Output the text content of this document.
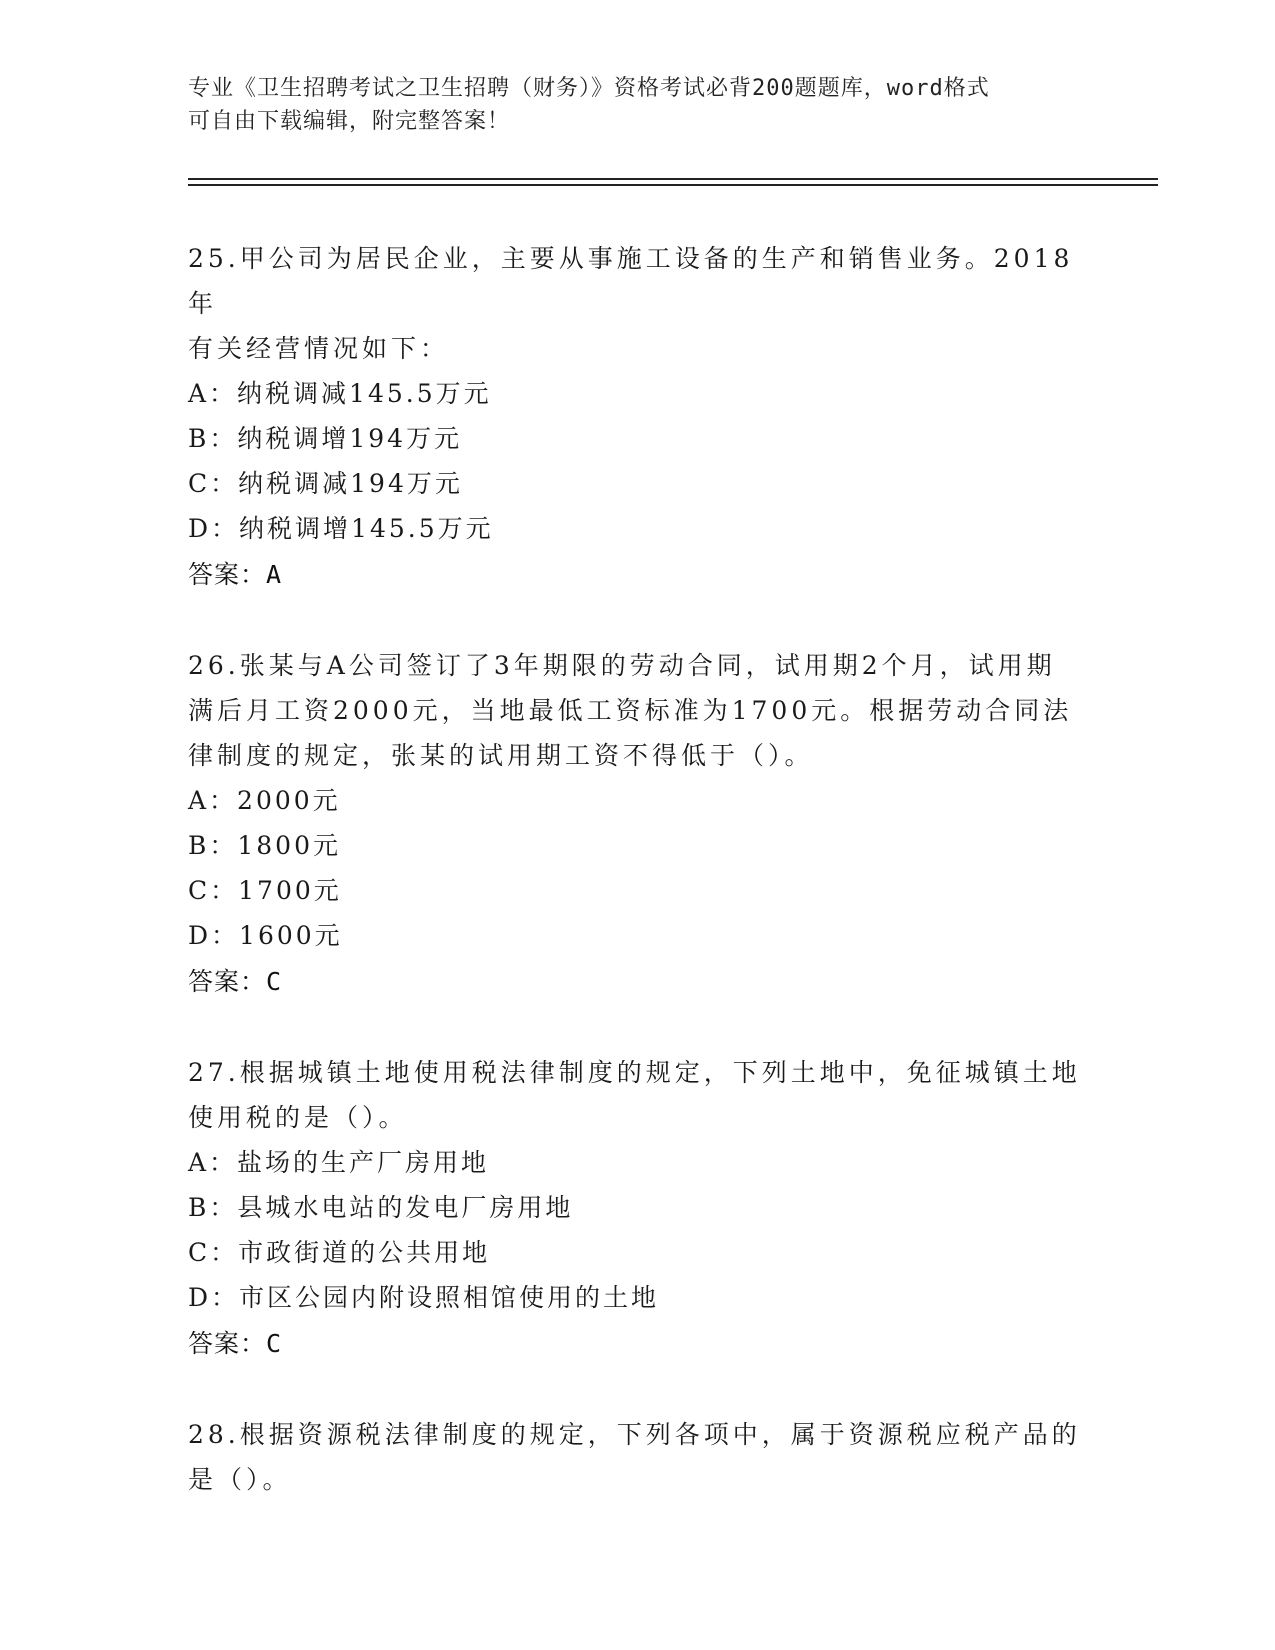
专业《卫生招聘考试之卫生招聘（财务）》资格考试必背200题题库，word格式
可自由下载编辑，附完整答案！
25.甲公司为居民企业，主要从事施工设备的生产和销售业务。2018年
有关经营情况如下：
A：纳税调减145.5万元
B：纳税调增194万元
C：纳税调减194万元
D：纳税调增145.5万元
答案：A
26.张某与A公司签订了3年期限的劳动合同，试用期2个月，试用期
满后月工资2000元，当地最低工资标准为1700元。根据劳动合同法
律制度的规定，张某的试用期工资不得低于（）。
A：2000元
B：1800元
C：1700元
D：1600元
答案：C
27.根据城镇土地使用税法律制度的规定，下列土地中，免征城镇土地
使用税的是（）。
A：盐场的生产厂房用地
B：县城水电站的发电厂房用地
C：市政街道的公共用地
D：市区公园内附设照相馆使用的土地
答案：C
28.根据资源税法律制度的规定，下列各项中，属于资源税应税产品的
是（）。
